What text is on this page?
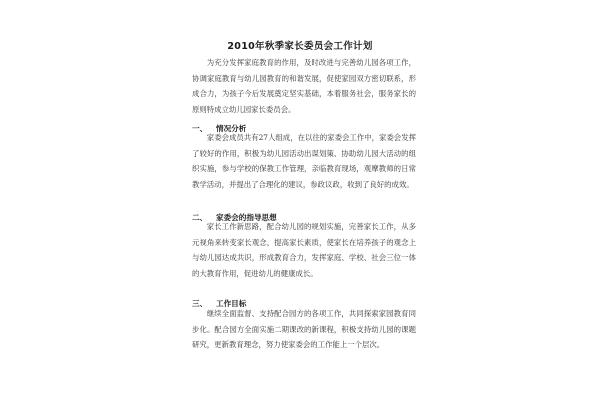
2010年秋季家长委员会工作计划

为充分发挥家庭教育的作用，及时改进与完善幼儿园各项工作，协调家庭教育与幼儿园教育的和谐发展，促使家园双方密切联系，形成合力，为孩子今后发展奠定坚实基础，本着服务社会，服务家长的原则特成立幼儿园家长委员会。

一、 情况分析

家委会成员共有27人组成，在以往的家委会工作中，家委会发挥了较好的作用，积极为幼儿园活动出谋划策、协助幼儿园大活动的组织实施，参与学校的保教工作管理，亲临教育现场，观摩教师的日常教学活动，并提出了合理化的建议，参政议政，收到了良好的成效。

二、 家委会的指导思想

家长工作新思路，配合幼儿园的规划实施，完善家长工作，从多元视角来转变家长观念，提高家长素质，使家长在培养孩子的观念上与幼儿园达成共识，形成教育合力，发挥家庭、学校、社会三位一体的大教育作用，促进幼儿的健康成长。

三、 工作目标

继续全面监督、支持配合园方的各项工作，共同探索家园教育同步化。配合园方全面实施二期课改的新课程，积极支持幼儿园的课题研究，更新教育理念，努力使家委会的工作能上一个层次。
